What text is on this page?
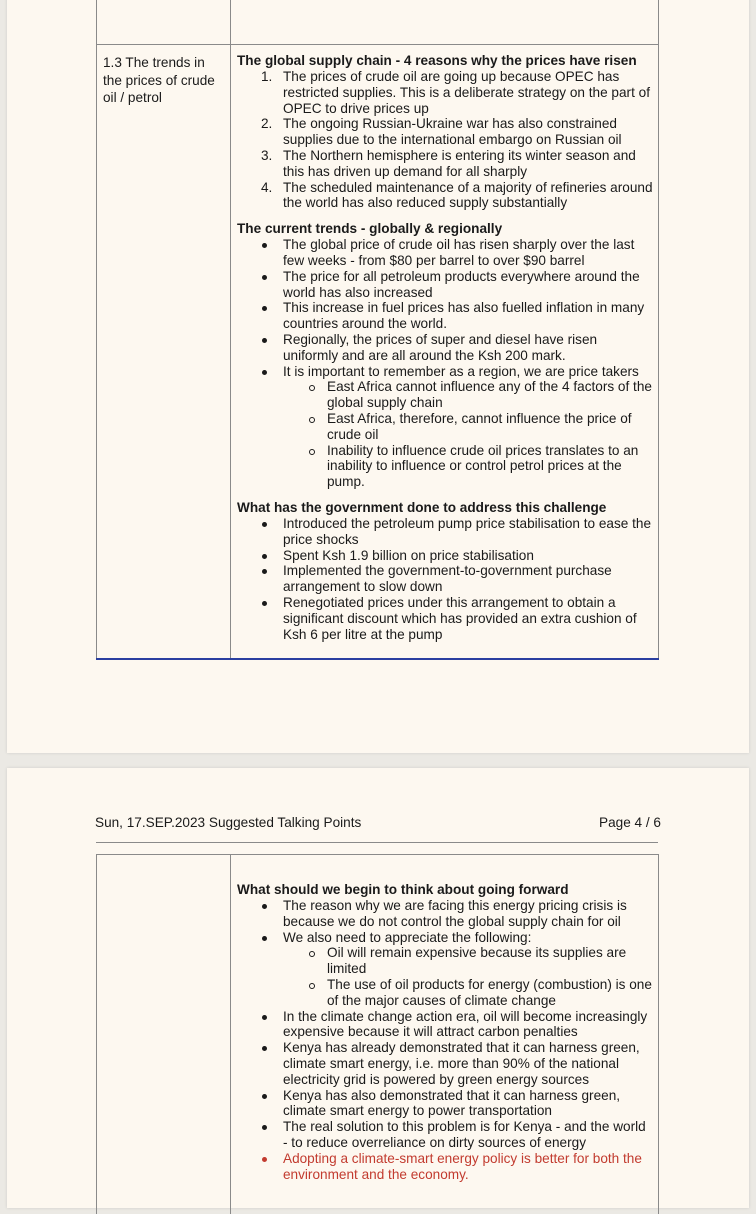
1.3 The trends in the prices of crude oil / petrol
The global supply chain - 4 reasons why the prices have risen
1. The prices of crude oil are going up because OPEC has restricted supplies. This is a deliberate strategy on the part of OPEC to drive prices up
2. The ongoing Russian-Ukraine war has also constrained supplies due to the international embargo on Russian oil
3. The Northern hemisphere is entering its winter season and this has driven up demand for all sharply
4. The scheduled maintenance of a majority of refineries around the world has also reduced supply substantially
The current trends - globally & regionally
The global price of crude oil has risen sharply over the last few weeks - from $80 per barrel to over $90 barrel
The price for all petroleum products everywhere around the world has also increased
This increase in fuel prices has also fuelled inflation in many countries around the world.
Regionally, the prices of super and diesel have risen uniformly and are all around the Ksh 200 mark.
It is important to remember as a region, we are price takers
East Africa cannot influence any of the 4 factors of the global supply chain
East Africa, therefore, cannot influence the price of crude oil
Inability to influence crude oil prices translates to an inability to influence or control petrol prices at the pump.
What has the government done to address this challenge
Introduced the petroleum pump price stabilisation to ease the price shocks
Spent Ksh 1.9 billion on price stabilisation
Implemented the government-to-government purchase arrangement to slow down
Renegotiated prices under this arrangement to obtain a significant discount which has provided an extra cushion of Ksh 6 per litre at the pump
Sun, 17.SEP.2023 Suggested Talking Points	Page 4 / 6
What should we begin to think about going forward
The reason why we are facing this energy pricing crisis is because we do not control the global supply chain for oil
We also need to appreciate the following:
Oil will remain expensive because its supplies are limited
The use of oil products for energy (combustion) is one of the major causes of climate change
In the climate change action era, oil will become increasingly expensive because it will attract carbon penalties
Kenya has already demonstrated that it can harness green, climate smart energy, i.e. more than 90% of the national electricity grid is powered by green energy sources
Kenya has also demonstrated that it can harness green, climate smart energy to power transportation
The real solution to this problem is for Kenya - and the world - to reduce overreliance on dirty sources of energy
Adopting a climate-smart energy policy is better for both the environment and the economy.
